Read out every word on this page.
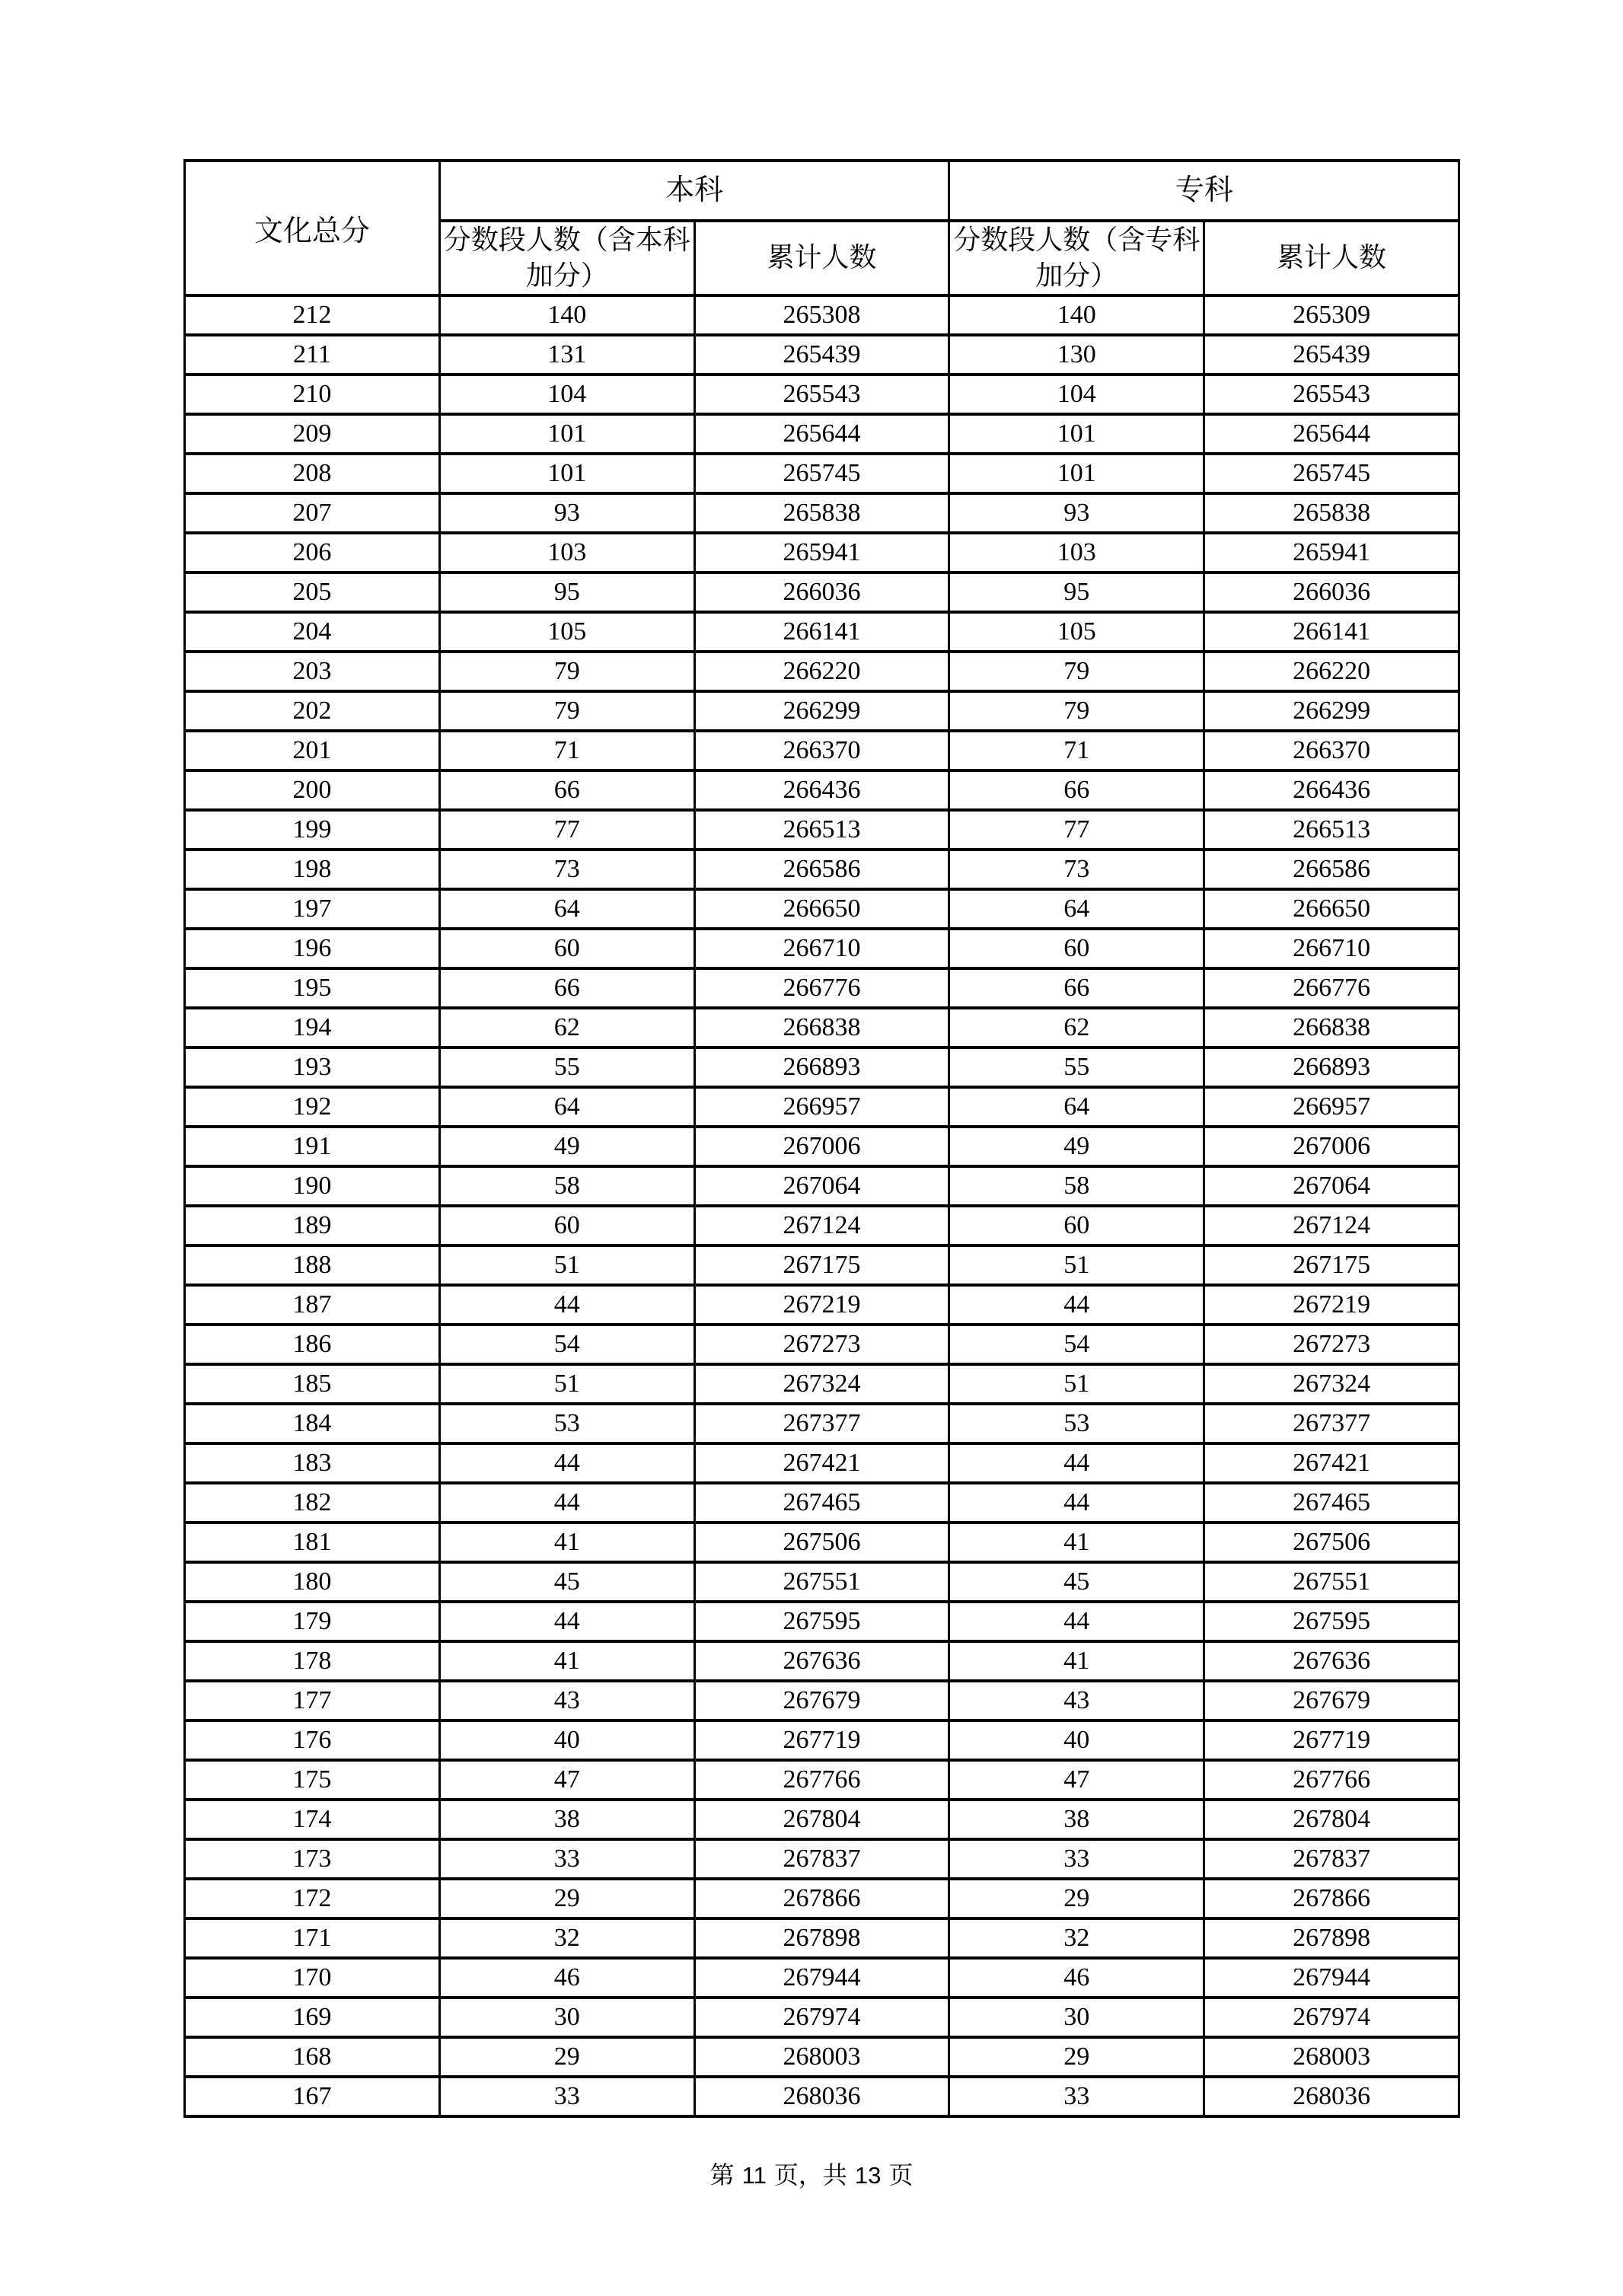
文化总分	本科		专科	
	分数段人数（含本科加分）	累计人数	分数段人数（含专科加分）	累计人数
212	140	265308	140	265309
211	131	265439	130	265439
210	104	265543	104	265543
209	101	265644	101	265644
208	101	265745	101	265745
207	93	265838	93	265838
206	103	265941	103	265941
205	95	266036	95	266036
204	105	266141	105	266141
203	79	266220	79	266220
202	79	266299	79	266299
201	71	266370	71	266370
200	66	266436	66	266436
199	77	266513	77	266513
198	73	266586	73	266586
197	64	266650	64	266650
196	60	266710	60	266710
195	66	266776	66	266776
194	62	266838	62	266838
193	55	266893	55	266893
192	64	266957	64	266957
191	49	267006	49	267006
190	58	267064	58	267064
189	60	267124	60	267124
188	51	267175	51	267175
187	44	267219	44	267219
186	54	267273	54	267273
185	51	267324	51	267324
184	53	267377	53	267377
183	44	267421	44	267421
182	44	267465	44	267465
181	41	267506	41	267506
180	45	267551	45	267551
179	44	267595	44	267595
178	41	267636	41	267636
177	43	267679	43	267679
176	40	267719	40	267719
175	47	267766	47	267766
174	38	267804	38	267804
173	33	267837	33	267837
172	29	267866	29	267866
171	32	267898	32	267898
170	46	267944	46	267944
169	30	267974	30	267974
168	29	268003	29	268003
167	33	268036	33	268036
第 11 页，共 13 页
